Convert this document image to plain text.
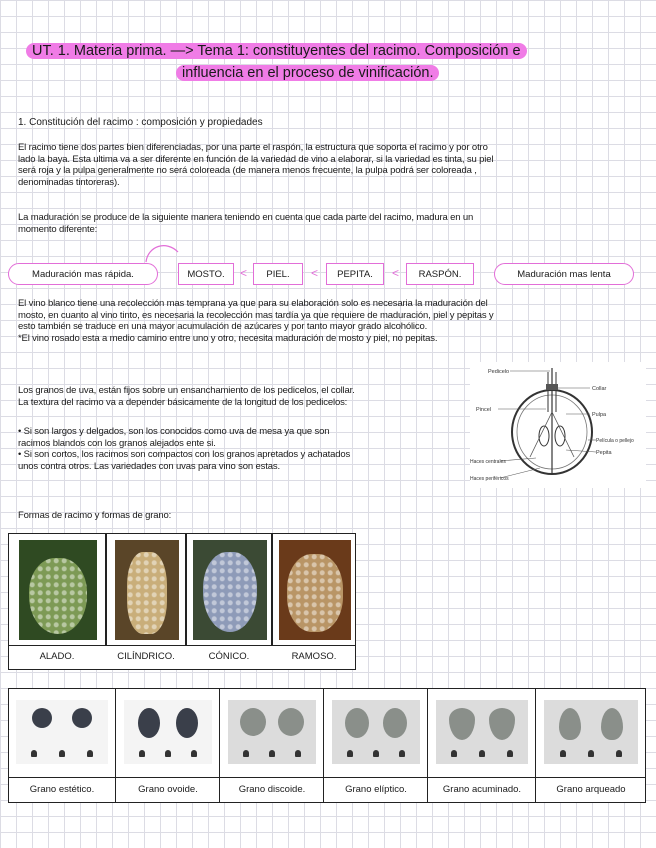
UT. 1. Materia prima. —> Tema 1: constituyentes del racimo. Composición e
influencia en el proceso de vinificación.
1. Constitución del racimo : composición y propiedades
El racimo tiene dos partes bien diferenciadas, por una parte el raspón, la estructura que soporta el racimo y por otro
lado la baya. Esta ultima va a ser diferente en función de la variedad de vino a elaborar, si la variedad es tinta, su piel
será roja y la pulpa generalmente no será coloreada (de manera menos frecuente, la pulpa podrá ser coloreada ,
denominadas tintoreras).
La maduración se produce de la siguiente manera teniendo en cuenta que cada parte del racimo, madura en un
momento diferente:
Maduración mas rápida.	MOSTO.	<	PIEL.	<	PEPITA.	<	RASPÓN.	Maduración mas lenta
El vino blanco tiene una recolección mas temprana ya que para su elaboración solo es necesaria la maduración del
mosto, en cuanto al vino tinto, es necesaria la recolección mas tardía ya que requiere de maduración, piel y pepitas y
esto también se traduce en una mayor acumulación de azúcares y por tanto mayor grado alcohólico.
*El vino rosado esta a medio camino entre uno y otro, necesita maduración de mosto y piel, no pepitas.
Los granos de uva, están fijos sobre un ensanchamiento de los pedicelos, el collar.
La textura del racimo va a depender básicamente de la longitud de los pedicelos:
• Si son largos y delgados, son los conocidos como uva de mesa ya que son
racimos blandos con los granos alejados ente si.
• Si son cortos, los racimos son compactos con los granos apretados y achatados
unos contra otros. Las variedades con uvas para vino son estas.
Pedicelo
Collar
Pincel
Pulpa
Película o pellejo
Pepita
Haces centrales
Haces periféricos
Formas de racimo y formas de grano:
ALADO.	CILÍNDRICO.	CÓNICO.	RAMOSO.
Grano estético.	Grano ovoide.	Grano discoide.	Grano elíptico.	Grano acuminado.	Grano arqueado
